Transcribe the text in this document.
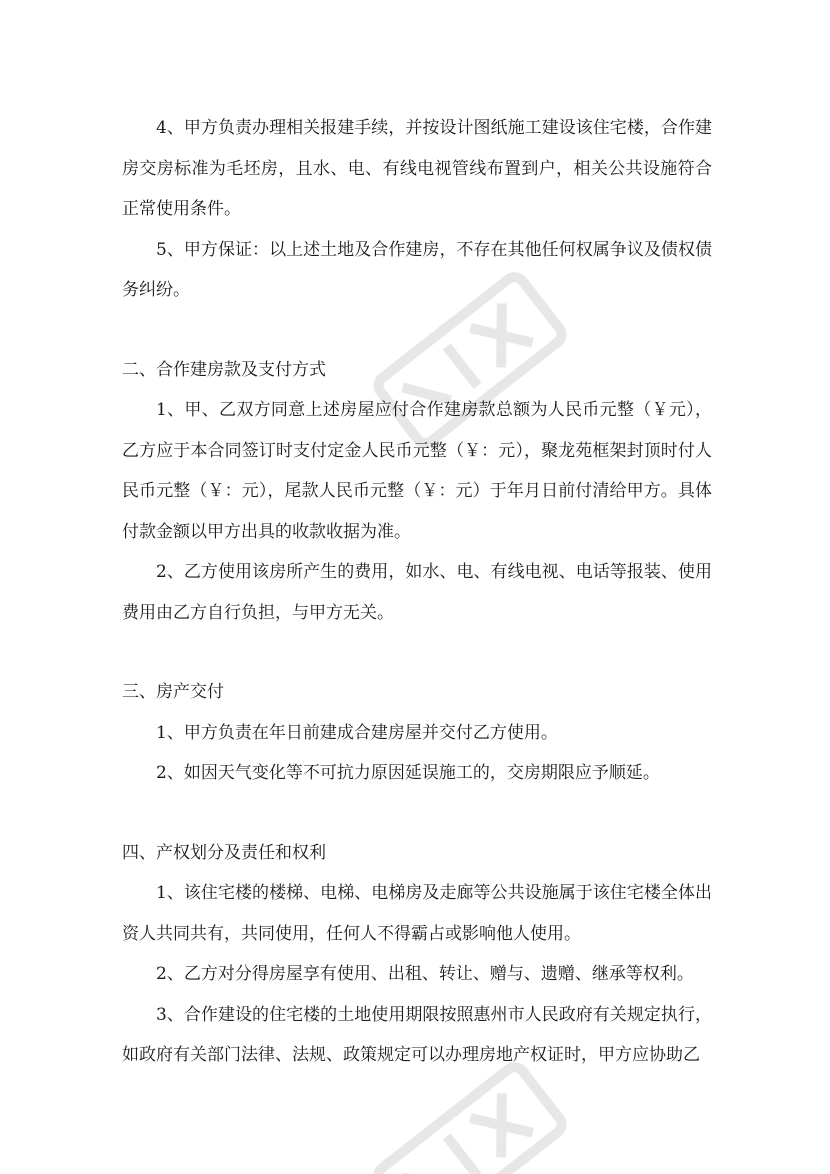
4、甲方负责办理相关报建手续，并按设计图纸施工建设该住宅楼，合作建房交房标准为毛坯房，且水、电、有线电视管线布置到户，相关公共设施符合正常使用条件。

5、甲方保证：以上述土地及合作建房，不存在其他任何权属争议及债权债务纠纷。

二、合作建房款及支付方式

1、甲、乙双方同意上述房屋应付合作建房款总额为人民币元整（￥元），乙方应于本合同签订时支付定金人民币元整（￥：元），聚龙苑框架封顶时付人民币元整（￥：元），尾款人民币元整（￥：元）于年月日前付清给甲方。具体付款金额以甲方出具的收款收据为准。

2、乙方使用该房所产生的费用，如水、电、有线电视、电话等报装、使用费用由乙方自行负担，与甲方无关。

三、房产交付

1、甲方负责在年日前建成合建房屋并交付乙方使用。

2、如因天气变化等不可抗力原因延误施工的，交房期限应予顺延。

四、产权划分及责任和权利

1、该住宅楼的楼梯、电梯、电梯房及走廊等公共设施属于该住宅楼全体出资人共同共有，共同使用，任何人不得霸占或影响他人使用。

2、乙方对分得房屋享有使用、出租、转让、赠与、遗赠、继承等权利。

3、合作建设的住宅楼的土地使用期限按照惠州市人民政府有关规定执行，如政府有关部门法律、法规、政策规定可以办理房地产权证时，甲方应协助乙
